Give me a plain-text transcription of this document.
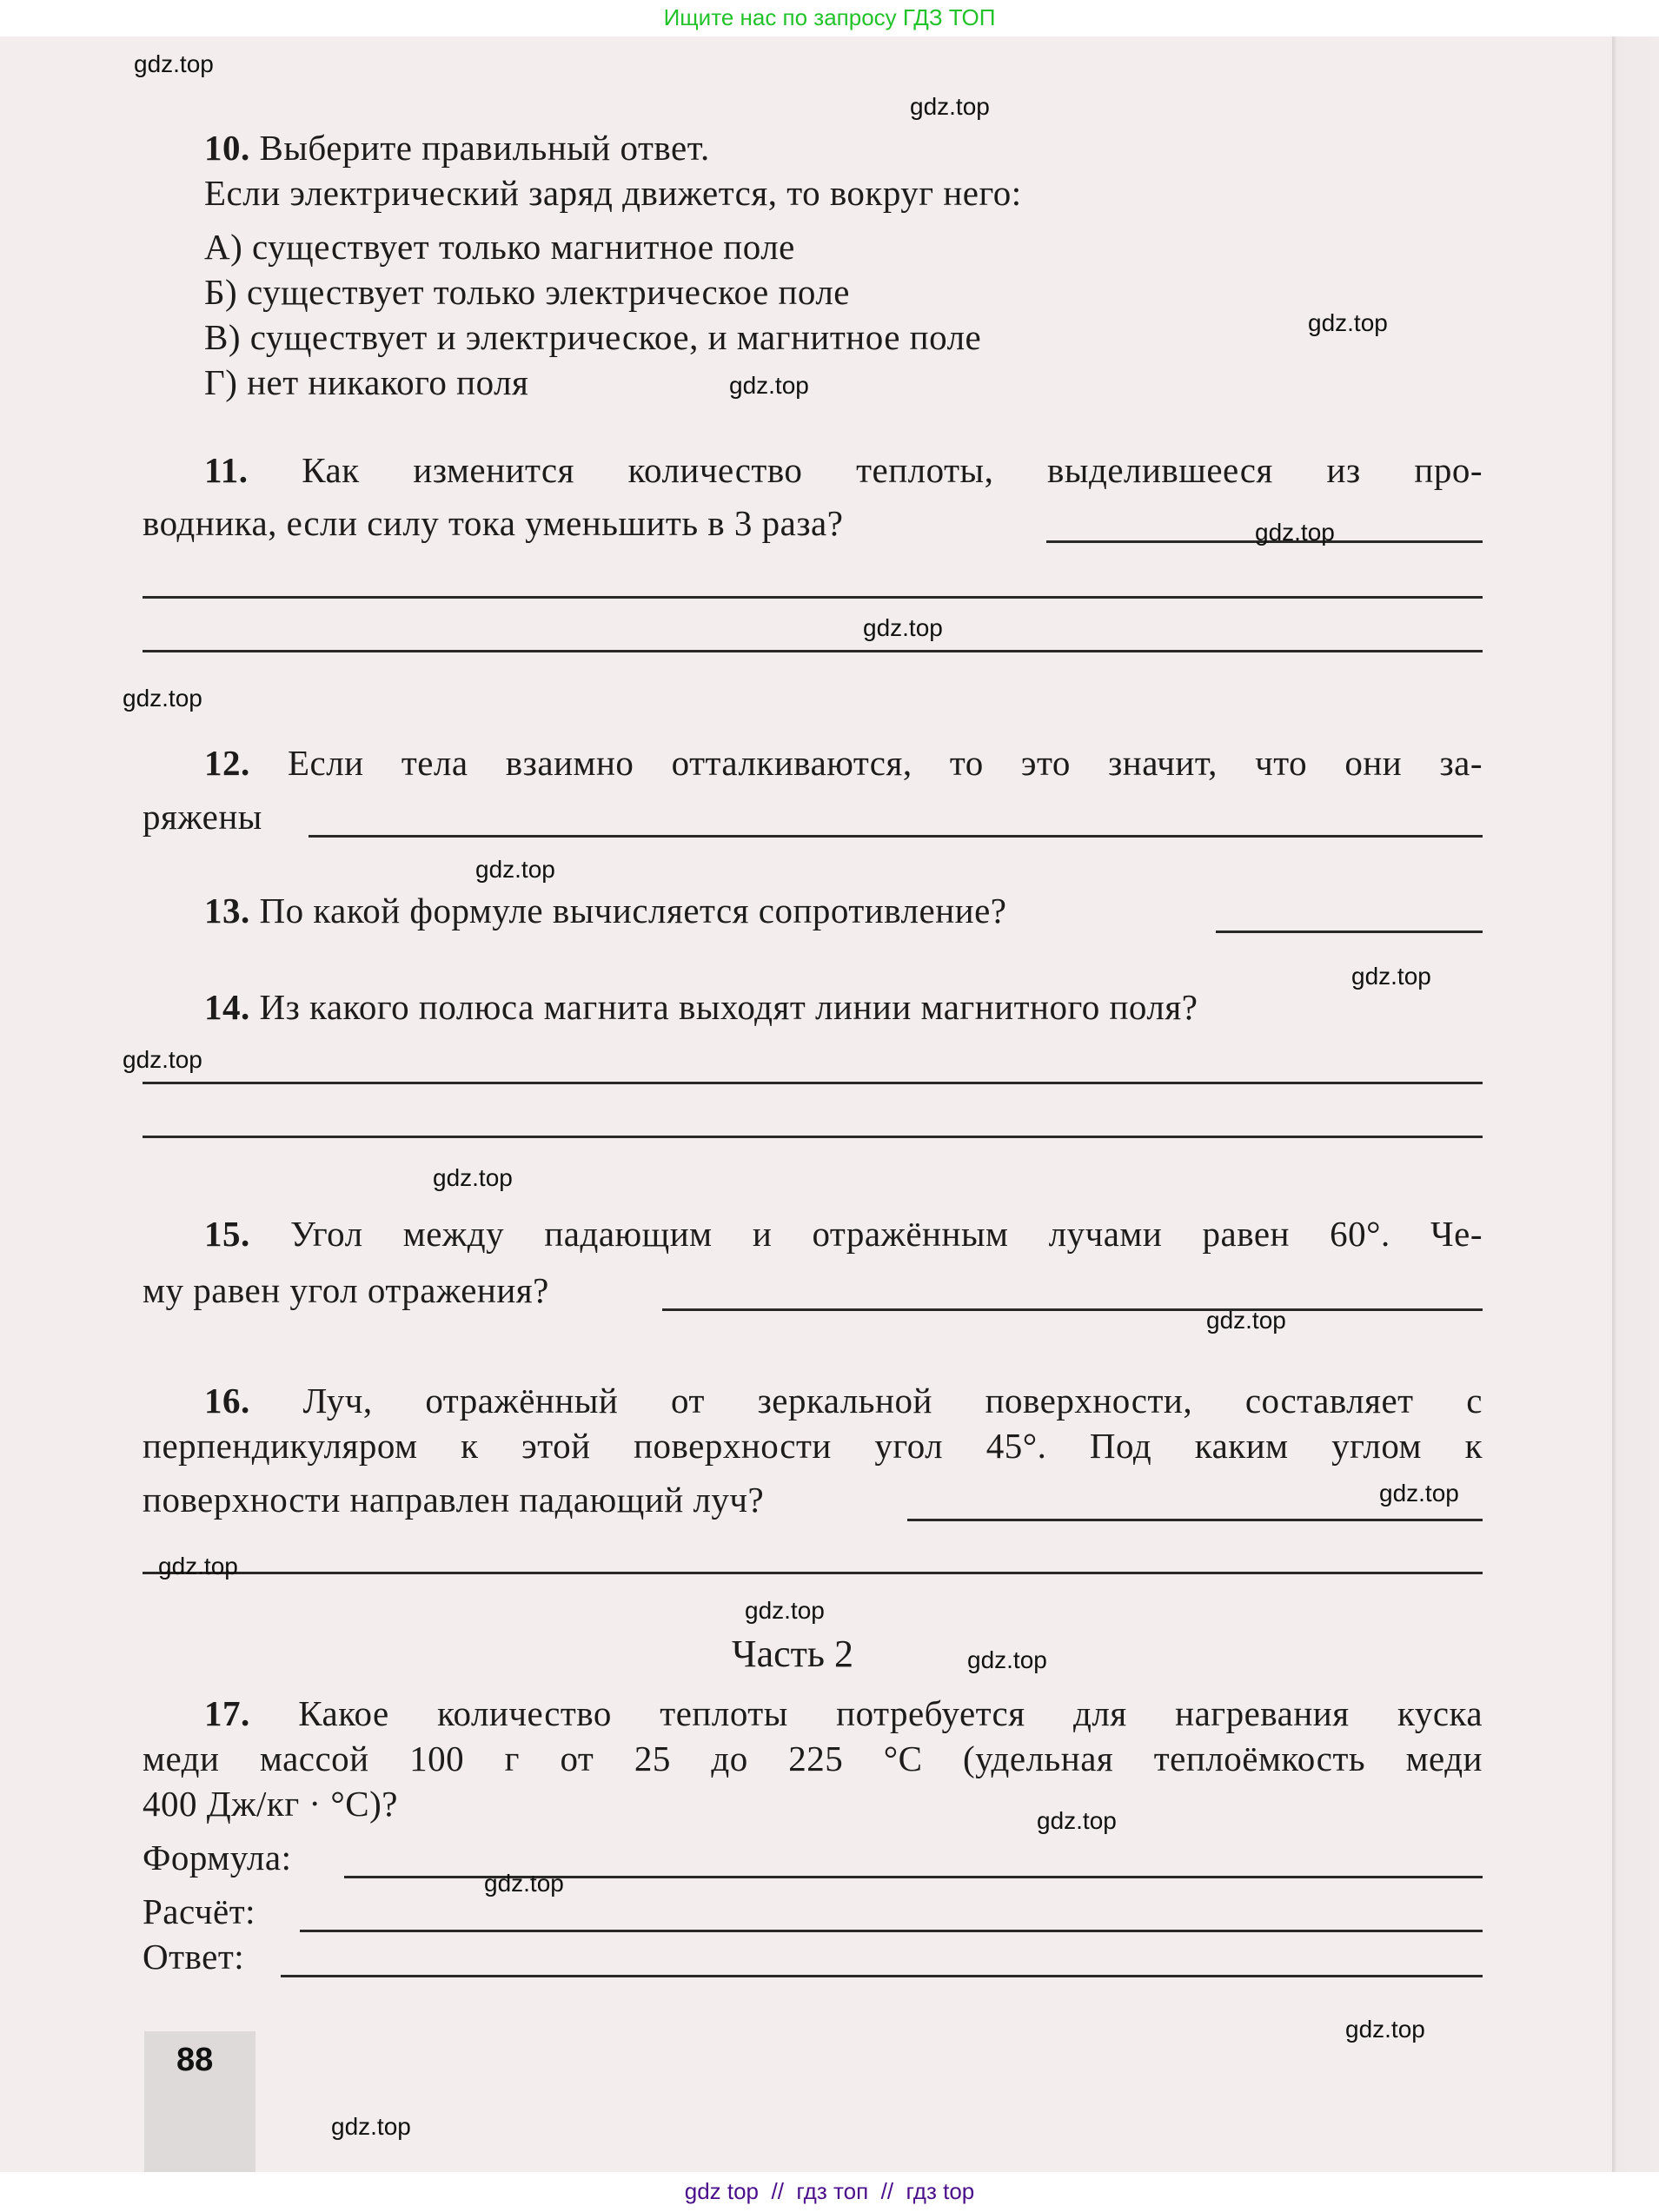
Ищите нас по запросу ГДЗ ТОП
10. Выберите правильный ответ.
Если электрический заряд движется, то вокруг него:
А) существует только магнитное поле
Б) существует только электрическое поле
В) существует и электрическое, и магнитное поле
Г) нет никакого поля
11. Как изменится количество теплоты, выделившееся из про-
водника, если силу тока уменьшить в 3 раза?
12. Если тела взаимно отталкиваются, то это значит, что они за-
ряжены
13. По какой формуле вычисляется сопротивление?
14. Из какого полюса магнита выходят линии магнитного поля?
15. Угол между падающим и отражённым лучами равен 60°. Че-
му равен угол отражения?
16. Луч, отражённый от зеркальной поверхности, составляет с
перпендикуляром к этой поверхности угол 45°. Под каким углом к
поверхности направлен падающий луч?
Часть 2
17. Какое количество теплоты потребуется для нагревания куска
меди массой 100 г от 25 до 225 °С (удельная теплоёмкость меди
400 Дж/кг · °С)?
Формула:
Расчёт:
Ответ:
88
gdz.top
gdz.top
gdz.top
gdz.top
gdz.top
gdz.top
gdz.top
gdz.top
gdz.top
gdz.top
gdz.top
gdz.top
gdz.top
gdz.top
gdz.top
gdz.top
gdz.top
gdz.top
gdz.top
gdz.top
gdz top  //  гдз топ  //  гдз top
